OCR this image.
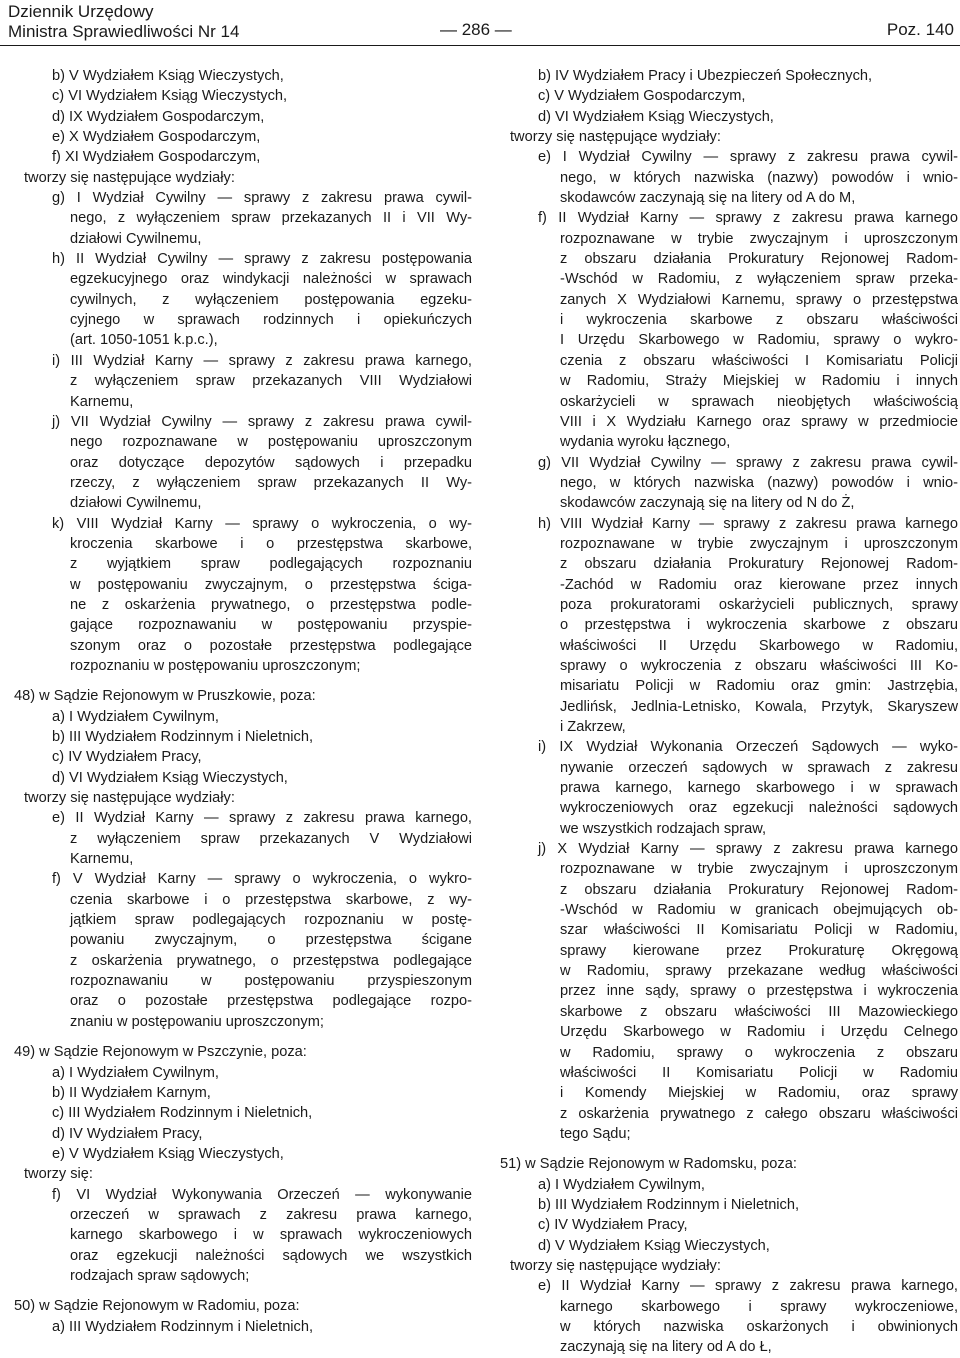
Dziennik Urzędowy
Ministra Sprawiedliwości Nr 14	— 286 —	Poz. 140
b) V Wydziałem Ksiąg Wieczystych,
c) VI Wydziałem Ksiąg Wieczystych,
d) IX Wydziałem Gospodarczym,
e) X Wydziałem Gospodarczym,
f) XI Wydziałem Gospodarczym,
tworzy się następujące wydziały:
g) I Wydział Cywilny — sprawy z zakresu prawa cywil-
nego, z wyłączeniem spraw przekazanych II i VII Wy-
działowi Cywilnemu,
h) II Wydział Cywilny — sprawy z zakresu postępowania
egzekucyjnego oraz windykacji należności w sprawach
cywilnych, z wyłączeniem postępowania egzeku-
cyjnego w sprawach rodzinnych i opiekuńczych
(art. 1050-1051 k.p.c.),
i) III Wydział Karny — sprawy z zakresu prawa karnego,
z wyłączeniem spraw przekazanych VIII Wydziałowi
Karnemu,
j) VII Wydział Cywilny — sprawy z zakresu prawa cywil-
nego rozpoznawane w postępowaniu uproszczonym
oraz dotyczące depozytów sądowych i przepadku
rzeczy, z wyłączeniem spraw przekazanych II Wy-
działowi Cywilnemu,
k) VIII Wydział Karny — sprawy o wykroczenia, o wy-
kroczenia skarbowe i o przestępstwa skarbowe,
z wyjątkiem spraw podlegających rozpoznaniu
w postępowaniu zwyczajnym, o przestępstwa ściga-
ne z oskarżenia prywatnego, o przestępstwa podle-
gające rozpoznawaniu w postępowaniu przyspie-
szonym oraz o pozostałe przestępstwa podlegające
rozpoznaniu w postępowaniu uproszczonym;
48) w Sądzie Rejonowym w Pruszkowie, poza:
a) I Wydziałem Cywilnym,
b) III Wydziałem Rodzinnym i Nieletnich,
c) IV Wydziałem Pracy,
d) VI Wydziałem Ksiąg Wieczystych,
tworzy się następujące wydziały:
e) II Wydział Karny — sprawy z zakresu prawa karnego,
z wyłączeniem spraw przekazanych V Wydziałowi
Karnemu,
f) V Wydział Karny — sprawy o wykroczenia, o wykro-
czenia skarbowe i o przestępstwa skarbowe, z wy-
jątkiem spraw podlegających rozpoznaniu w postę-
powaniu zwyczajnym, o przestępstwa ścigane
z oskarżenia prywatnego, o przestępstwa podlegające
rozpoznawaniu w postępowaniu przyspieszonym
oraz o pozostałe przestępstwa podlegające rozpo-
znaniu w postępowaniu uproszczonym;
49) w Sądzie Rejonowym w Pszczynie, poza:
a) I Wydziałem Cywilnym,
b) II Wydziałem Karnym,
c) III Wydziałem Rodzinnym i Nieletnich,
d) IV Wydziałem Pracy,
e) V Wydziałem Ksiąg Wieczystych,
tworzy się:
f) VI Wydział Wykonywania Orzeczeń — wykonywanie
orzeczeń w sprawach z zakresu prawa karnego,
karnego skarbowego i w sprawach wykroczeniowych
oraz egzekucji należności sądowych we wszystkich
rodzajach spraw sądowych;
50) w Sądzie Rejonowym w Radomiu, poza:
a) III Wydziałem Rodzinnym i Nieletnich,
b) IV Wydziałem Pracy i Ubezpieczeń Społecznych,
c) V Wydziałem Gospodarczym,
d) VI Wydziałem Ksiąg Wieczystych,
tworzy się następujące wydziały:
e) I Wydział Cywilny — sprawy z zakresu prawa cywil-
nego, w których nazwiska (nazwy) powodów i wnio-
skodawców zaczynają się na litery od A do M,
f) II Wydział Karny — sprawy z zakresu prawa karnego
rozpoznawane w trybie zwyczajnym i uproszczonym
z obszaru działania Prokuratury Rejonowej Radom-
-Wschód w Radomiu, z wyłączeniem spraw przeka-
zanych X Wydziałowi Karnemu, sprawy o przestępstwa
i wykroczenia skarbowe z obszaru właściwości
I Urzędu Skarbowego w Radomiu, sprawy o wykro-
czenia z obszaru właściwości I Komisariatu Policji
w Radomiu, Straży Miejskiej w Radomiu i innych
oskarżycieli w sprawach nieobjętych właściwością
VIII i X Wydziału Karnego oraz sprawy w przedmiocie
wydania wyroku łącznego,
g) VII Wydział Cywilny — sprawy z zakresu prawa cywil-
nego, w których nazwiska (nazwy) powodów i wnio-
skodawców zaczynają się na litery od N do Ż,
h) VIII Wydział Karny — sprawy z zakresu prawa karnego
rozpoznawane w trybie zwyczajnym i uproszczonym
z obszaru działania Prokuratury Rejonowej Radom-
-Zachód w Radomiu oraz kierowane przez innych
poza prokuratorami oskarżycieli publicznych, sprawy
o przestępstwa i wykroczenia skarbowe z obszaru
właściwości II Urzędu Skarbowego w Radomiu,
sprawy o wykroczenia z obszaru właściwości III Ko-
misariatu Policji w Radomiu oraz gmin: Jastrzębia,
Jedlińsk, Jedlnia-Letnisko, Kowala, Przytyk, Skaryszew
i Zakrzew,
i) IX Wydział Wykonania Orzeczeń Sądowych — wyko-
nywanie orzeczeń sądowych w sprawach z zakresu
prawa karnego, karnego skarbowego i w sprawach
wykroczeniowych oraz egzekucji należności sądowych
we wszystkich rodzajach spraw,
j) X Wydział Karny — sprawy z zakresu prawa karnego
rozpoznawane w trybie zwyczajnym i uproszczonym
z obszaru działania Prokuratury Rejonowej Radom-
-Wschód w Radomiu w granicach obejmujących ob-
szar właściwości II Komisariatu Policji w Radomiu,
sprawy kierowane przez Prokuraturę Okręgową
w Radomiu, sprawy przekazane według właściwości
przez inne sądy, sprawy o przestępstwa i wykroczenia
skarbowe z obszaru właściwości III Mazowieckiego
Urzędu Skarbowego w Radomiu i Urzędu Celnego
w Radomiu, sprawy o wykroczenia z obszaru
właściwości II Komisariatu Policji w Radomiu
i Komendy Miejskiej w Radomiu, oraz sprawy
z oskarżenia prywatnego z całego obszaru właściwości
tego Sądu;
51) w Sądzie Rejonowym w Radomsku, poza:
a) I Wydziałem Cywilnym,
b) III Wydziałem Rodzinnym i Nieletnich,
c) IV Wydziałem Pracy,
d) V Wydziałem Ksiąg Wieczystych,
tworzy się następujące wydziały:
e) II Wydział Karny — sprawy z zakresu prawa karnego,
karnego skarbowego i sprawy wykroczeniowe,
w których nazwiska oskarżonych i obwinionych
zaczynają się na litery od A do Ł,
